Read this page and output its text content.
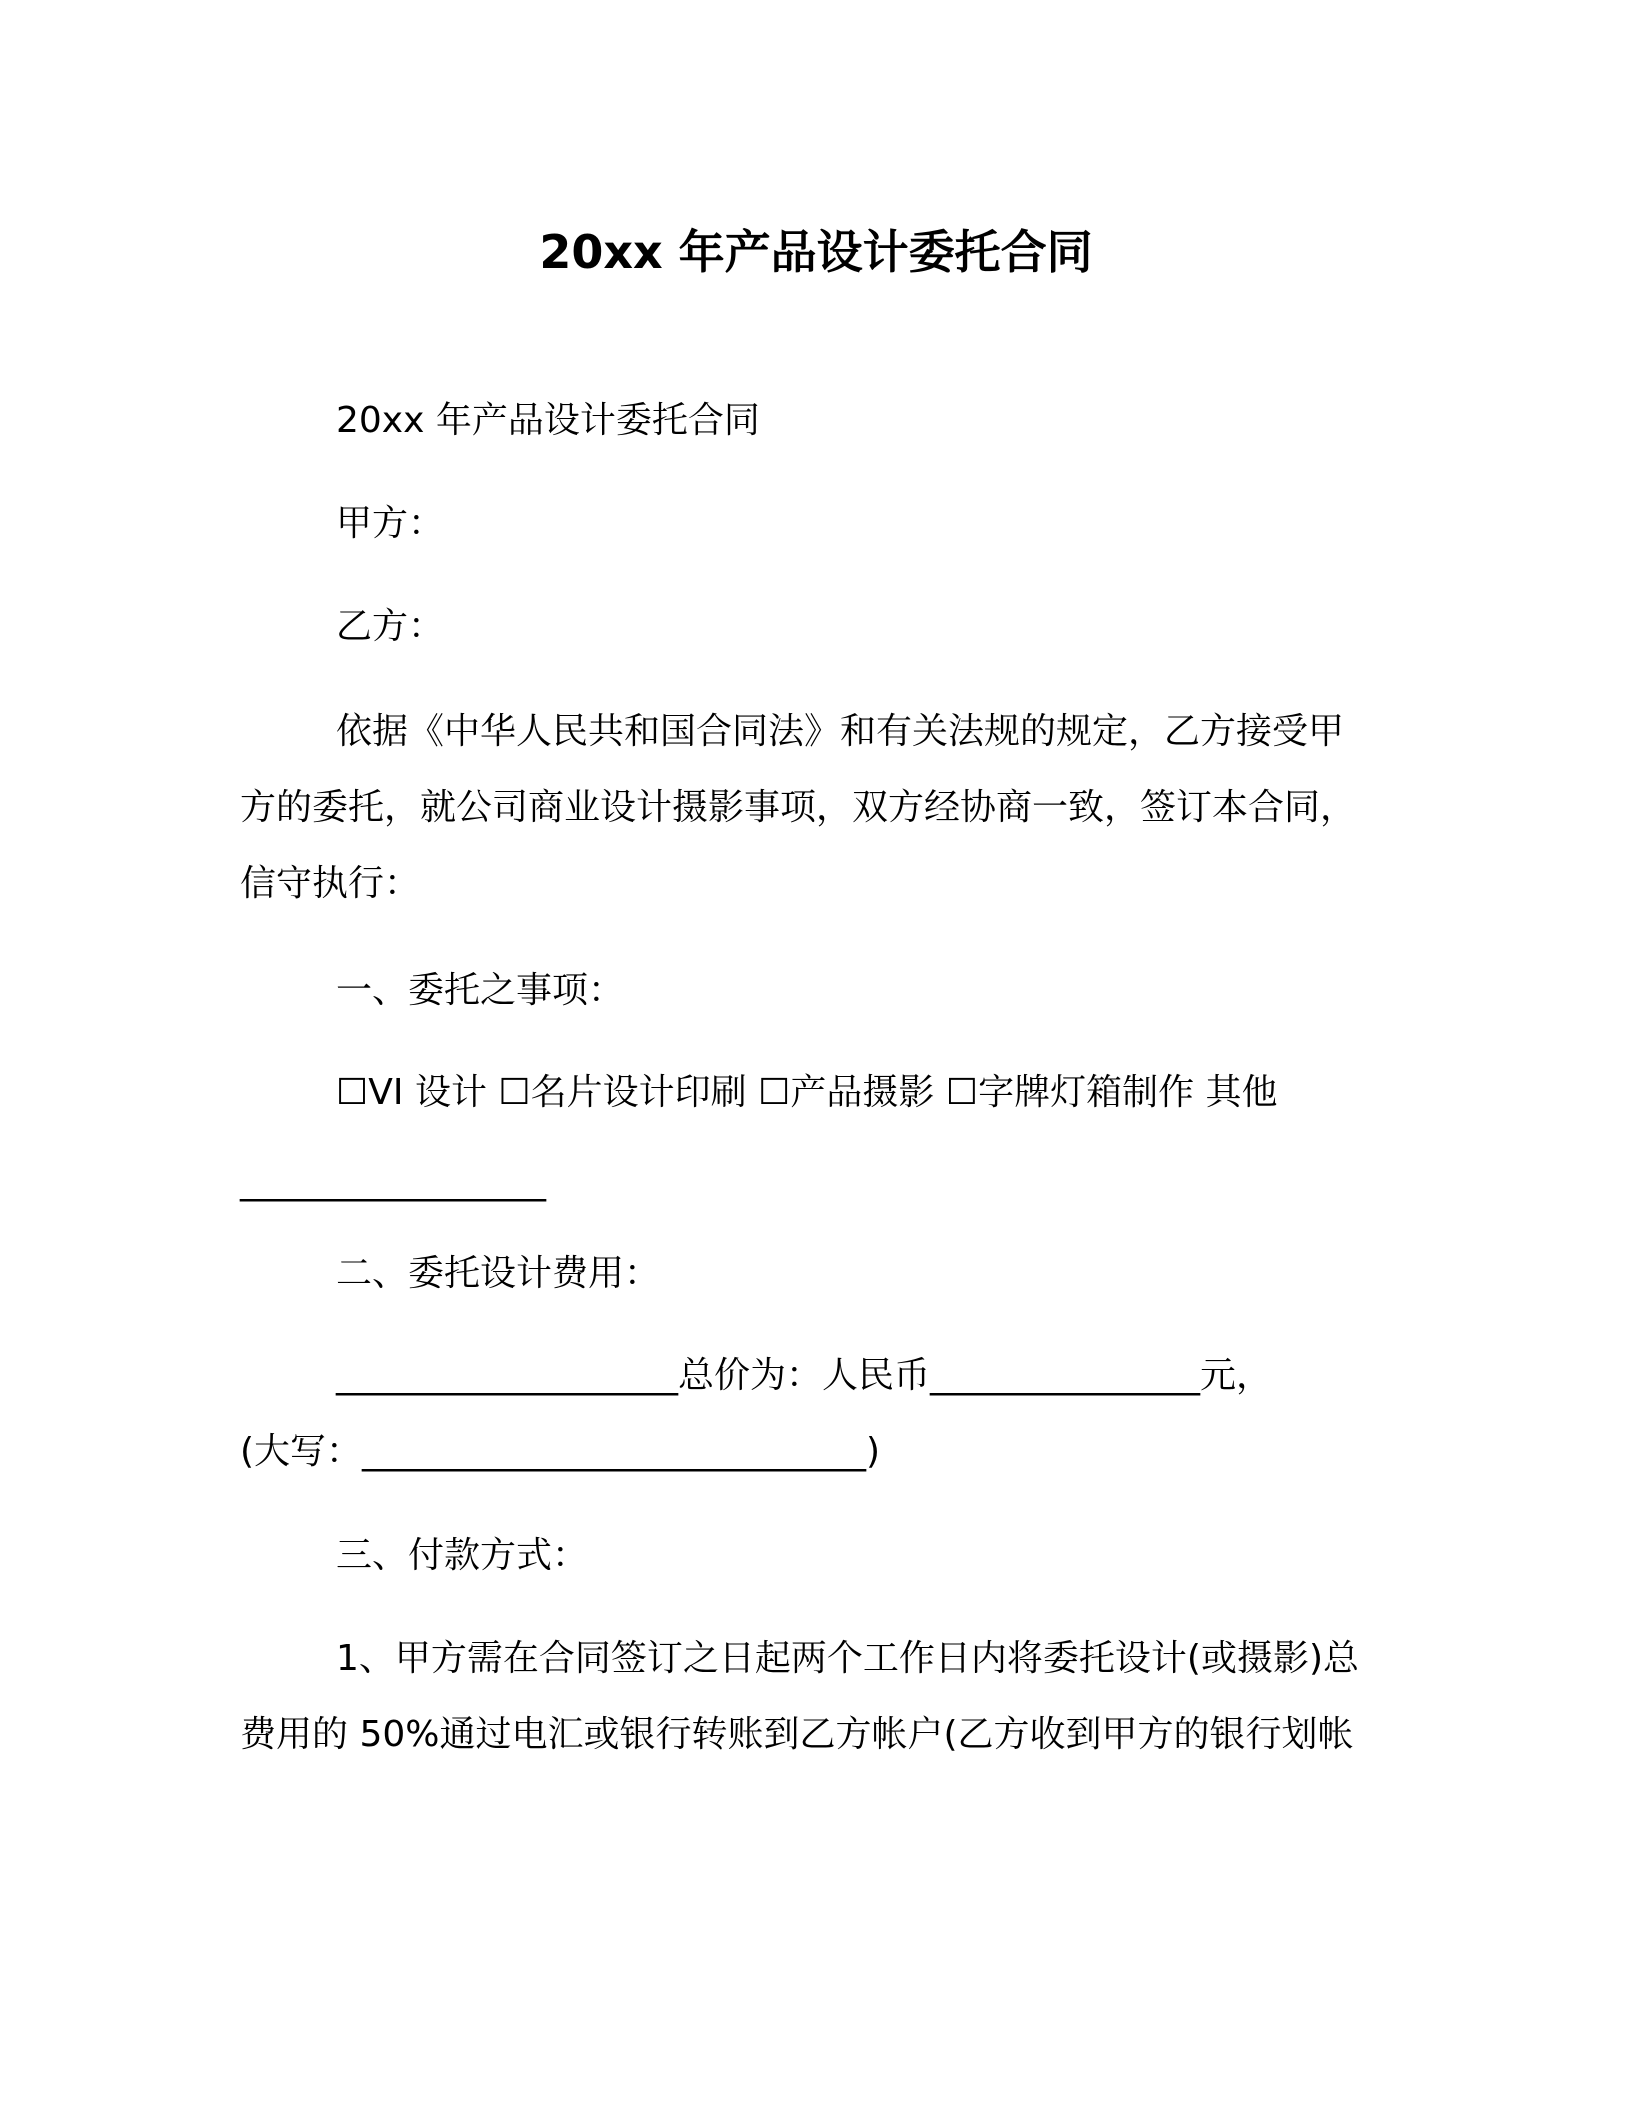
20xx 年产品设计委托合同
20xx 年产品设计委托合同
甲方：
乙方：
依据《中华人民共和国合同法》和有关法规的规定，乙方接受甲
方的委托，就公司商业设计摄影事项，双方经协商一致，签订本合同，
信守执行：
一、委托之事项：
☐VI 设计 ☐名片设计印刷 ☐产品摄影 ☐字牌灯箱制作 其他
_________________
二、委托设计费用：
___________________总价为：人民币_______________元，
(大写：____________________________)
三、付款方式：
1、甲方需在合同签订之日起两个工作日内将委托设计(或摄影)总
费用的 50%通过电汇或银行转账到乙方帐户(乙方收到甲方的银行划帐
